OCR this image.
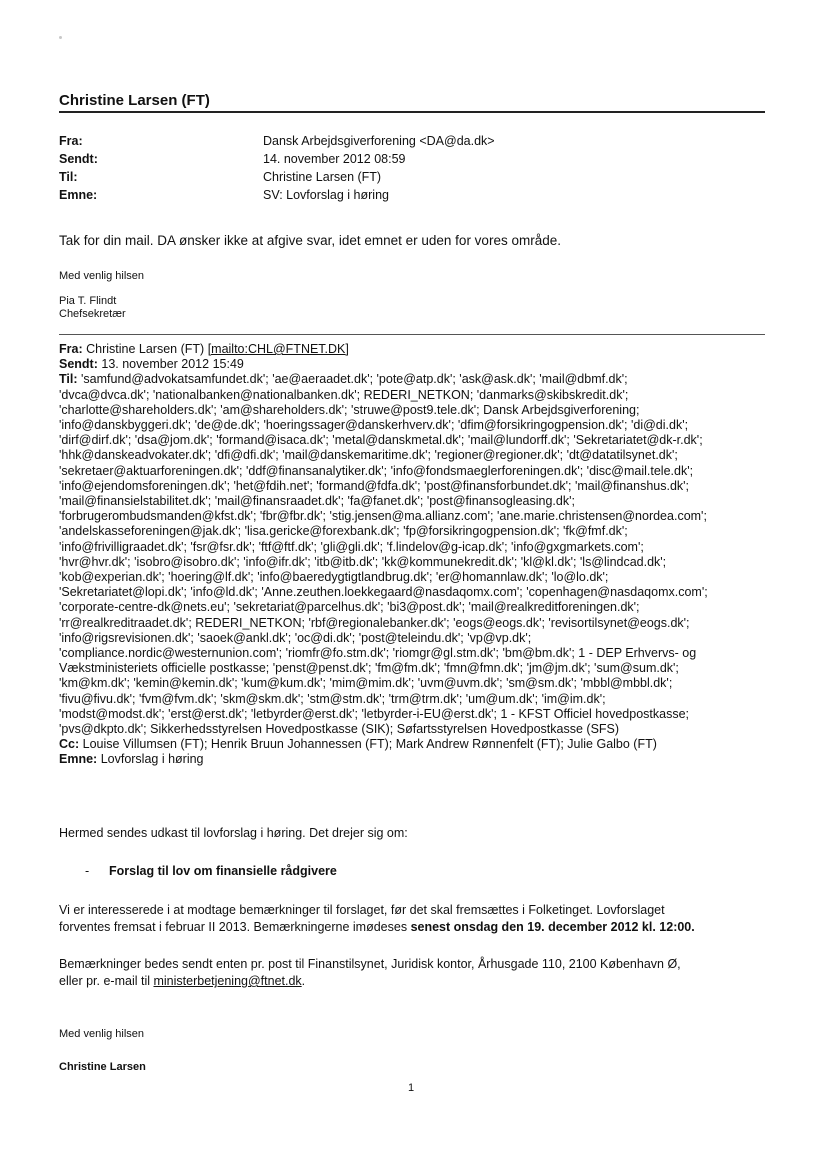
Christine Larsen (FT)
Fra:	Dansk Arbejdsgiverforening <DA@da.dk>
Sendt:	14. november 2012 08:59
Til:	Christine Larsen (FT)
Emne:	SV: Lovforslag i høring
Tak for din mail. DA ønsker ikke at afgive svar, idet emnet er uden for vores område.
Med venlig hilsen
Pia T. Flindt
Chefsekretær
Fra: Christine Larsen (FT) [mailto:CHL@FTNET.DK]
Sendt: 13. november 2012 15:49
Til: 'samfund@advokatsamfundet.dk'; 'ae@aeraadet.dk'; 'pote@atp.dk'; 'ask@ask.dk'; 'mail@dbmf.dk';
'dvca@dvca.dk'; 'nationalbanken@nationalbanken.dk'; REDERI_NETKON; 'danmarks@skibskredit.dk';
'charlotte@shareholders.dk'; 'am@shareholders.dk'; 'struwe@post9.tele.dk'; Dansk Arbejdsgiverforening;
'info@danskbyggeri.dk'; 'de@de.dk'; 'hoeringssager@danskerhverv.dk'; 'dfim@forsikringogpension.dk'; 'di@di.dk';
'dirf@dirf.dk'; 'dsa@jom.dk'; 'formand@isaca.dk'; 'metal@danskmetal.dk'; 'mail@lundorff.dk'; 'Sekretariatet@dk-r.dk';
'hhk@danskeadvokater.dk'; 'dfi@dfi.dk'; 'mail@danskemaritime.dk'; 'regioner@regioner.dk'; 'dt@datatilsynet.dk';
'sekretaer@aktuarforeningen.dk'; 'ddf@finansanalytiker.dk'; 'info@fondsmaeglerforeningen.dk'; 'disc@mail.tele.dk';
'info@ejendomsforeningen.dk'; 'het@fdih.net'; 'formand@fdfa.dk'; 'post@finansforbundet.dk'; 'mail@finanshus.dk';
'mail@finansielstabilitet.dk'; 'mail@finansraadet.dk'; 'fa@fanet.dk'; 'post@finansogleasing.dk';
'forbrugerombudsmanden@kfst.dk'; 'fbr@fbr.dk'; 'stig.jensen@ma.allianz.com'; 'ane.marie.christensen@nordea.com';
'andelskasseforeningen@jak.dk'; 'lisa.gericke@forexbank.dk'; 'fp@forsikringogpension.dk'; 'fk@fmf.dk';
'info@frivilligraadet.dk'; 'fsr@fsr.dk'; 'ftf@ftf.dk'; 'gli@gli.dk'; 'f.lindelov@g-icap.dk'; 'info@gxgmarkets.com';
'hvr@hvr.dk'; 'isobro@isobro.dk'; 'info@ifr.dk'; 'itb@itb.dk'; 'kk@kommunekredit.dk'; 'kl@kl.dk'; 'ls@lindcad.dk';
'kob@experian.dk'; 'hoering@lf.dk'; 'info@baeredygtigtlandbrug.dk'; 'er@homannlaw.dk'; 'lo@lo.dk';
'Sekretariatet@lopi.dk'; 'info@ld.dk'; 'Anne.zeuthen.loekkegaard@nasdaqomx.com'; 'copenhagen@nasdaqomx.com';
'corporate-centre-dk@nets.eu'; 'sekretariat@parcelhus.dk'; 'bi3@post.dk'; 'mail@realkreditforeningen.dk';
'rr@realkreditraadet.dk'; REDERI_NETKON; 'rbf@regionalebanker.dk'; 'eogs@eogs.dk'; 'revisortilsynet@eogs.dk';
'info@rigsrevisionen.dk'; 'saoek@ankl.dk'; 'oc@di.dk'; 'post@teleindu.dk'; 'vp@vp.dk';
'compliance.nordic@westernunion.com'; 'riomfr@fo.stm.dk'; 'riomgr@gl.stm.dk'; 'bm@bm.dk'; 1 - DEP Erhvervs- og
Vækstministeriets officielle postkasse; 'penst@penst.dk'; 'fm@fm.dk'; 'fmn@fmn.dk'; 'jm@jm.dk'; 'sum@sum.dk';
'km@km.dk'; 'kemin@kemin.dk'; 'kum@kum.dk'; 'mim@mim.dk'; 'uvm@uvm.dk'; 'sm@sm.dk'; 'mbbl@mbbl.dk';
'fivu@fivu.dk'; 'fvm@fvm.dk'; 'skm@skm.dk'; 'stm@stm.dk'; 'trm@trm.dk'; 'um@um.dk'; 'im@im.dk';
'modst@modst.dk'; 'erst@erst.dk'; 'letbyrder@erst.dk'; 'letbyrder-i-EU@erst.dk'; 1 - KFST Officiel hovedpostkasse;
'pvs@dkpto.dk'; Sikkerhedsstyrelsen Hovedpostkasse (SIK); Søfartsstyrelsen Hovedpostkasse (SFS)
Cc: Louise Villumsen (FT); Henrik Bruun Johannessen (FT); Mark Andrew Rønnenfelt (FT); Julie Galbo (FT)
Emne: Lovforslag i høring
Hermed sendes udkast til lovforslag i høring. Det drejer sig om:
-	Forslag til lov om finansielle rådgivere
Vi er interesserede i at modtage bemærkninger til forslaget, før det skal fremsættes i Folketinget. Lovforslaget
forventes fremsat i februar II 2013. Bemærkningerne imødeses senest onsdag den 19. december 2012 kl. 12:00.
Bemærkninger bedes sendt enten pr. post til Finanstilsynet, Juridisk kontor, Århusgade 110, 2100 København Ø,
eller pr. e-mail til ministerbetjening@ftnet.dk.
Med venlig hilsen
Christine Larsen
1
